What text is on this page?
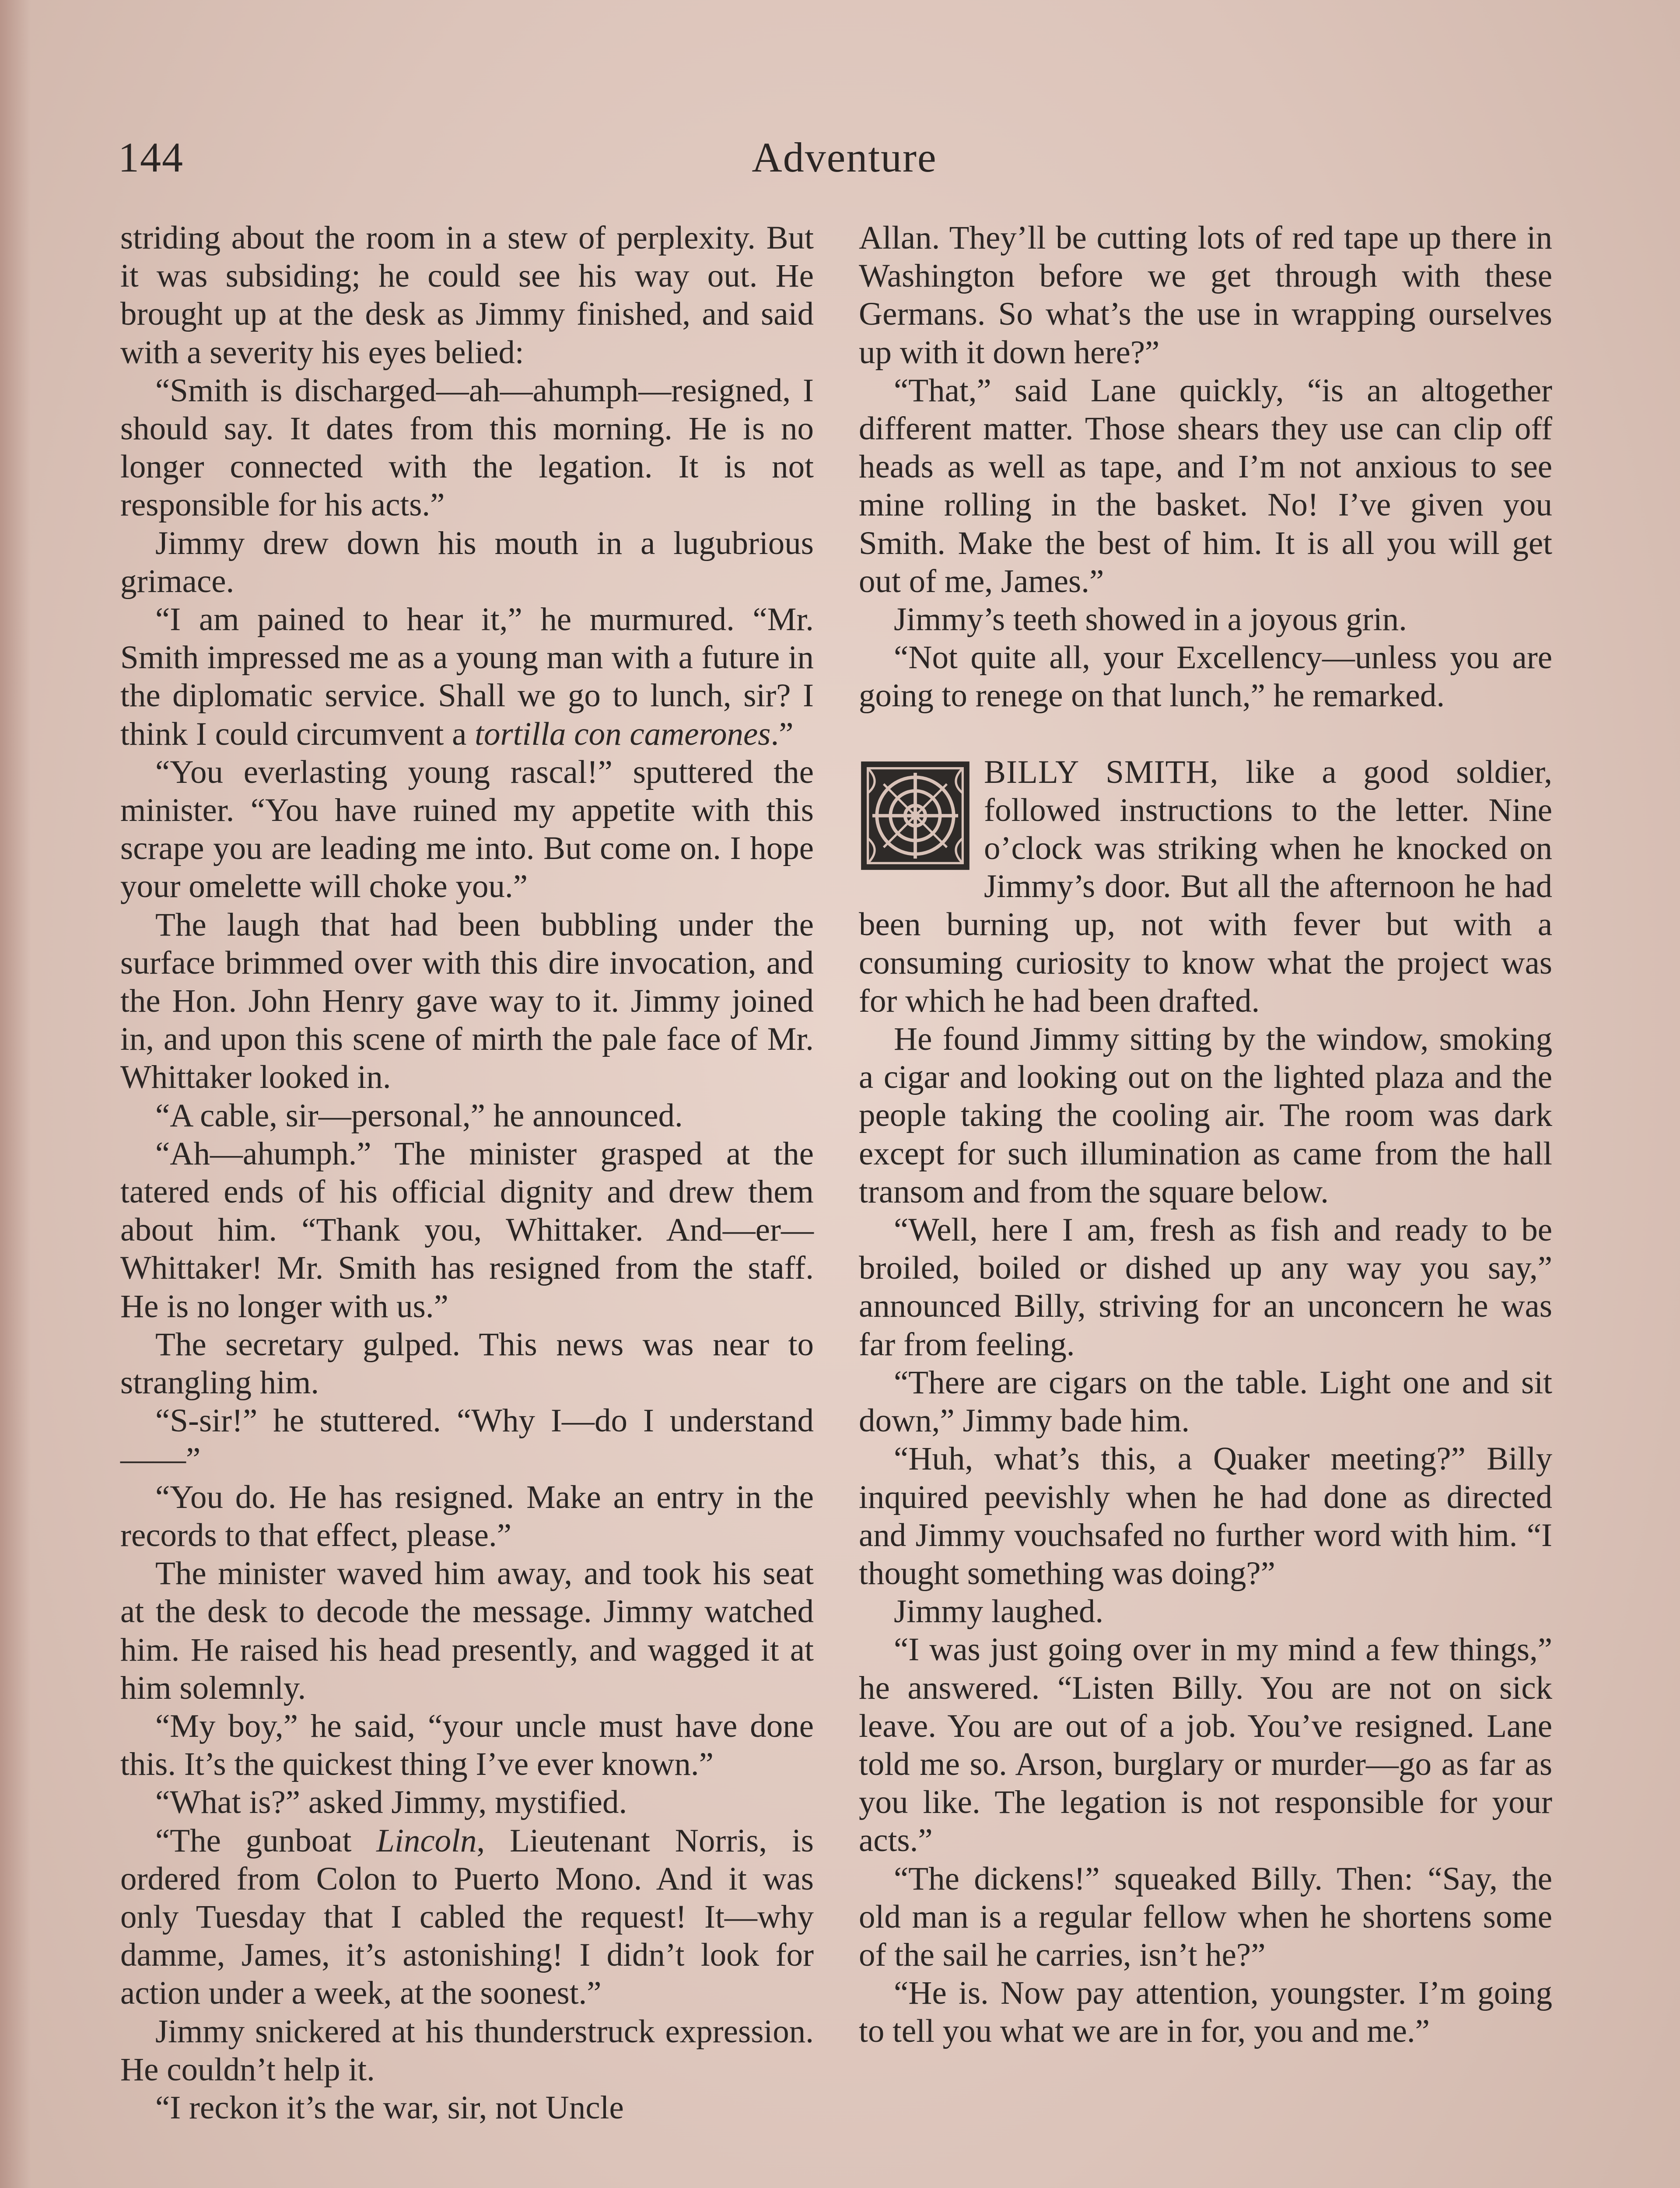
144	Adventure

striding about the room in a stew of perplexity. But it was subsiding; he could see his way out. He brought up at the desk as Jimmy finished, and said with a severity his eyes belied:

“Smith is discharged—ah—ahumph—resigned, I should say. It dates from this morning. He is no longer connected with the legation. It is not responsible for his acts.”

Jimmy drew down his mouth in a lugubrious grimace.

“I am pained to hear it,” he murmured. “Mr. Smith impressed me as a young man with a future in the diplomatic service. Shall we go to lunch, sir? I think I could circumvent a tortilla con camerones.”

“You everlasting young rascal!” sputtered the minister. “You have ruined my appetite with this scrape you are leading me into. But come on. I hope your omelette will choke you.”

The laugh that had been bubbling under the surface brimmed over with this dire invocation, and the Hon. John Henry gave way to it. Jimmy joined in, and upon this scene of mirth the pale face of Mr. Whittaker looked in.

“A cable, sir—personal,” he announced.

“Ah—ahumph.” The minister grasped at the tatered ends of his official dignity and drew them about him. “Thank you, Whittaker. And—er—Whittaker! Mr. Smith has resigned from the staff. He is no longer with us.”

The secretary gulped. This news was near to strangling him.

“S-sir!” he stuttered. “Why I—do I understand——”

“You do. He has resigned. Make an entry in the records to that effect, please.”

The minister waved him away, and took his seat at the desk to decode the message. Jimmy watched him. He raised his head presently, and wagged it at him solemnly.

“My boy,” he said, “your uncle must have done this. It’s the quickest thing I’ve ever known.”

“What is?” asked Jimmy, mystified.

“The gunboat Lincoln, Lieutenant Norris, is ordered from Colon to Puerto Mono. And it was only Tuesday that I cabled the request! It—why damme, James, it’s astonishing! I didn’t look for action under a week, at the soonest.”

Jimmy snickered at his thunderstruck expression. He couldn’t help it.

“I reckon it’s the war, sir, not Uncle

Allan. They’ll be cutting lots of red tape up there in Washington before we get through with these Germans. So what’s the use in wrapping ourselves up with it down here?”

“That,” said Lane quickly, “is an altogether different matter. Those shears they use can clip off heads as well as tape, and I’m not anxious to see mine rolling in the basket. No! I’ve given you Smith. Make the best of him. It is all you will get out of me, James.”

Jimmy’s teeth showed in a joyous grin.

“Not quite all, your Excellency—unless you are going to renege on that lunch,” he remarked.

BILLY SMITH, like a good soldier, followed instructions to the letter. Nine o’clock was striking when he knocked on Jimmy’s door. But all the afternoon he had been burning up, not with fever but with a consuming curiosity to know what the project was for which he had been drafted.

He found Jimmy sitting by the window, smoking a cigar and looking out on the lighted plaza and the people taking the cooling air. The room was dark except for such illumination as came from the hall transom and from the square below.

“Well, here I am, fresh as fish and ready to be broiled, boiled or dished up any way you say,” announced Billy, striving for an unconcern he was far from feeling.

“There are cigars on the table. Light one and sit down,” Jimmy bade him.

“Huh, what’s this, a Quaker meeting?” Billy inquired peevishly when he had done as directed and Jimmy vouchsafed no further word with him. “I thought something was doing?”

Jimmy laughed.

“I was just going over in my mind a few things,” he answered. “Listen Billy. You are not on sick leave. You are out of a job. You’ve resigned. Lane told me so. Arson, burglary or murder—go as far as you like. The legation is not responsible for your acts.”

“The dickens!” squeaked Billy. Then: “Say, the old man is a regular fellow when he shortens some of the sail he carries, isn’t he?”

“He is. Now pay attention, youngster. I’m going to tell you what we are in for, you and me.”
